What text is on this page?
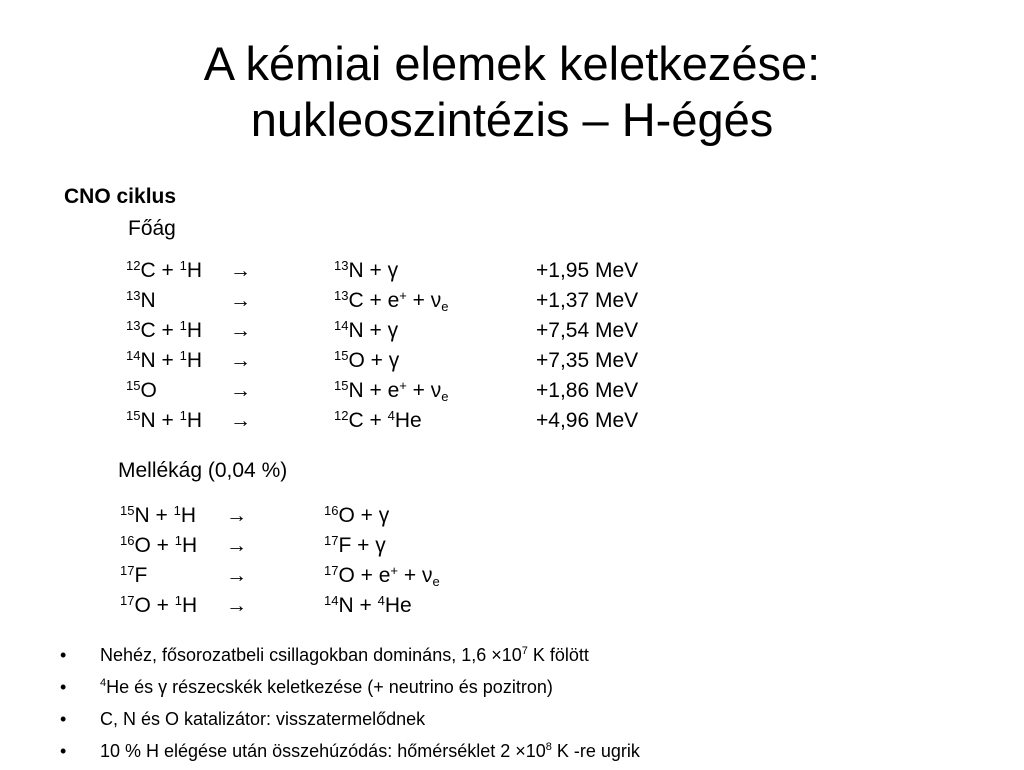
A kémiai elemek keletkezése:
nukleoszintézis – H-égés
CNO ciklus
Főág
$^{12}$C + $^1$H →	$^{13}$N + γ	+1,95 MeV
$^{13}$N	→	$^{13}C + e^+ + \nu_e$	+1,37 MeV
$^{13}$C + $^1$H →	$^{14}$N + γ	+7,54 MeV
$^{14}$N + $^1$H →	$^{15}$O + γ	+7,35 MeV
$^{15}$O	→	$^{15}N + e^+ + \nu_e$	+1,86 MeV
$^{15}$N + $^1$H →	$^{12}$C + $^4$He	+4,96 MeV
Mellékág (0,04 %)
$^{15}$N + $^1$H →	$^{16}$O + γ
$^{16}$O + $^1$H →	$^{17}$F + γ
$^{17}$F	→	$^{17}O + e^+ + \nu_e$
$^{17}$O + $^1$H →	$^{14}$N + $^4$He
• Nehéz, fősorozatbeli csillagokban domináns, $1,6 \times 10^7$ K fölött
•	$^4$He és γ részecskék keletkezése (+ neutrino és pozitron)
• C, N és O katalizátor: visszatermelődnek
• 10 % H elégése után összehúzódás: hőmérséklet $2 \times 10^8$ K -re ugrik
